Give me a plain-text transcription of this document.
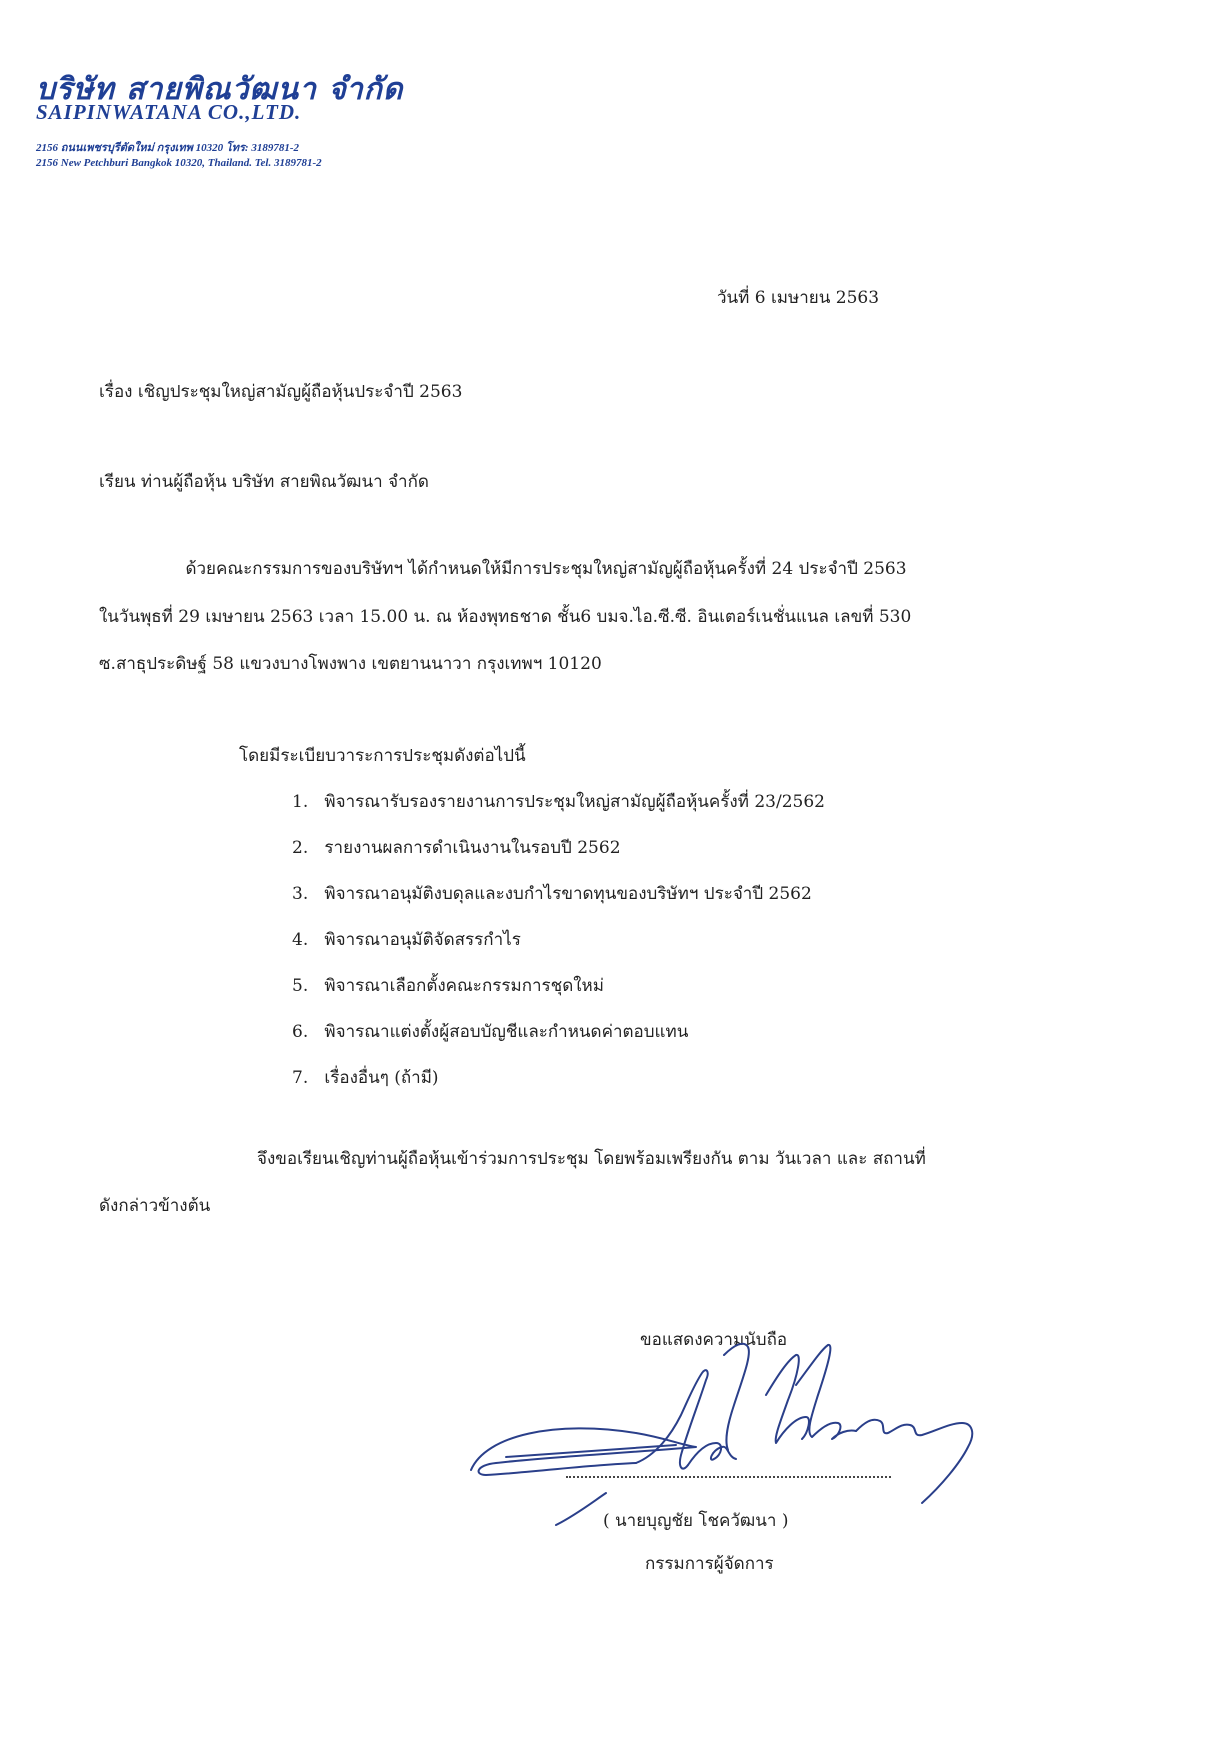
บริษัท สายพิณวัฒนา จำกัด
SAIPINWATANA CO.,LTD.
2156 ถนนเพชรบุรีตัดใหม่ กรุงเทพ 10320 โทร: 3189781-2
2156 New Petchburi Bangkok 10320, Thailand. Tel. 3189781-2
วันที่ 6 เมษายน 2563
เรื่อง เชิญประชุมใหญ่สามัญผู้ถือหุ้นประจำปี 2563
เรียน ท่านผู้ถือหุ้น บริษัท สายพิณวัฒนา จำกัด
ด้วยคณะกรรมการของบริษัทฯ ได้กำหนดให้มีการประชุมใหญ่สามัญผู้ถือหุ้นครั้งที่ 24 ประจำปี 2563
ในวันพุธที่ 29 เมษายน 2563 เวลา 15.00 น. ณ ห้องพุทธชาด ชั้น6 บมจ.ไอ.ซี.ซี. อินเตอร์เนชั่นแนล เลขที่ 530
ซ.สาธุประดิษฐ์ 58 แขวงบางโพงพาง เขตยานนาวา กรุงเทพฯ 10120
โดยมีระเบียบวาระการประชุมดังต่อไปนี้
1.   พิจารณารับรองรายงานการประชุมใหญ่สามัญผู้ถือหุ้นครั้งที่ 23/2562
2.   รายงานผลการดำเนินงานในรอบปี 2562
3.   พิจารณาอนุมัติงบดุลและงบกำไรขาดทุนของบริษัทฯ ประจำปี 2562
4.   พิจารณาอนุมัติจัดสรรกำไร
5.   พิจารณาเลือกตั้งคณะกรรมการชุดใหม่
6.   พิจารณาแต่งตั้งผู้สอบบัญชีและกำหนดค่าตอบแทน
7.   เรื่องอื่นๆ (ถ้ามี)
จึงขอเรียนเชิญท่านผู้ถือหุ้นเข้าร่วมการประชุม โดยพร้อมเพรียงกัน ตาม วันเวลา และ สถานที่
ดังกล่าวข้างต้น
ขอแสดงความนับถือ
( นายบุญชัย โชควัฒนา )
กรรมการผู้จัดการ
